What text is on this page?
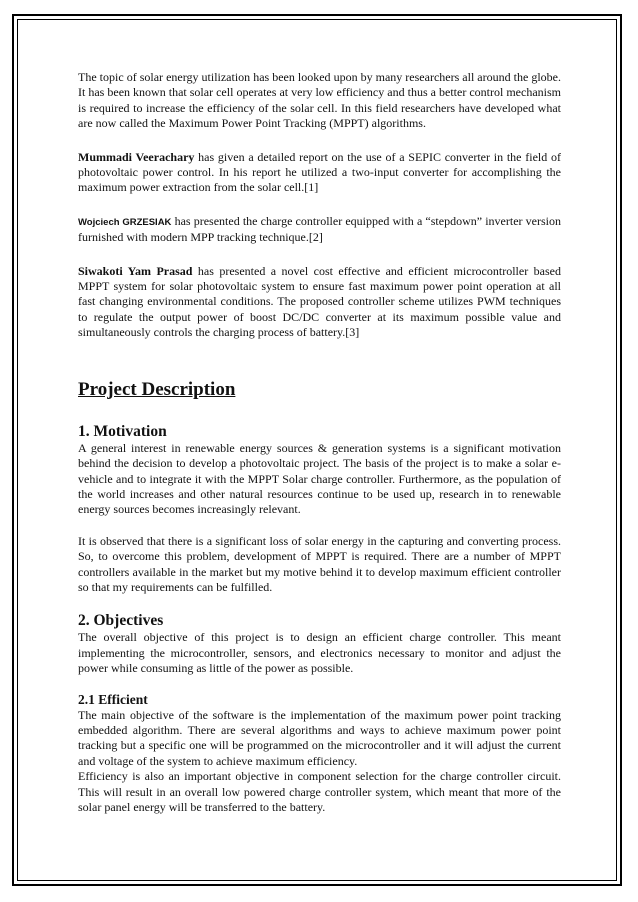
The topic of solar energy utilization has been looked upon by many researchers all around the globe. It has been known that solar cell operates at very low efficiency and thus a better control mechanism is required to increase the efficiency of the solar cell. In this field researchers have developed what are now called the Maximum Power Point Tracking (MPPT) algorithms.

Mummadi Veerachary has given a detailed report on the use of a SEPIC converter in the field of photovoltaic power control. In his report he utilized a two-input converter for accomplishing the maximum power extraction from the solar cell.[1]

Wojciech GRZESIAK has presented the charge controller equipped with a “stepdown” inverter version furnished with modern MPP tracking technique.[2]

Siwakoti Yam Prasad has presented a novel cost effective and efficient microcontroller based MPPT system for solar photovoltaic system to ensure fast maximum power point operation at all fast changing environmental conditions. The proposed controller scheme utilizes PWM techniques to regulate the output power of boost DC/DC converter at its maximum possible value and simultaneously controls the charging process of battery.[3]

Project Description
1. Motivation

A general interest in renewable energy sources & generation systems is a significant motivation behind the decision to develop a photovoltaic project. The basis of the project is to make a solar e-vehicle and to integrate it with the MPPT Solar charge controller. Furthermore, as the population of the world increases and other natural resources continue to be used up, research in to renewable energy sources becomes increasingly relevant.

It is observed that there is a significant loss of solar energy in the capturing and converting process. So, to overcome this problem, development of MPPT is required. There are a number of MPPT controllers available in the market but my motive behind it to develop maximum efficient controller so that my requirements can be fulfilled.

2. Objectives

The overall objective of this project is to design an efficient charge controller. This meant implementing the microcontroller, sensors, and electronics necessary to monitor and adjust the power while consuming as little of the power as possible.

2.1 Efficient

The main objective of the software is the implementation of the maximum power point tracking embedded algorithm. There are several algorithms and ways to achieve maximum power point tracking but a specific one will be programmed on the microcontroller and it will adjust the current and voltage of the system to achieve maximum efficiency.

Efficiency is also an important objective in component selection for the charge controller circuit. This will result in an overall low powered charge controller system, which meant that more of the solar panel energy will be transferred to the battery.
